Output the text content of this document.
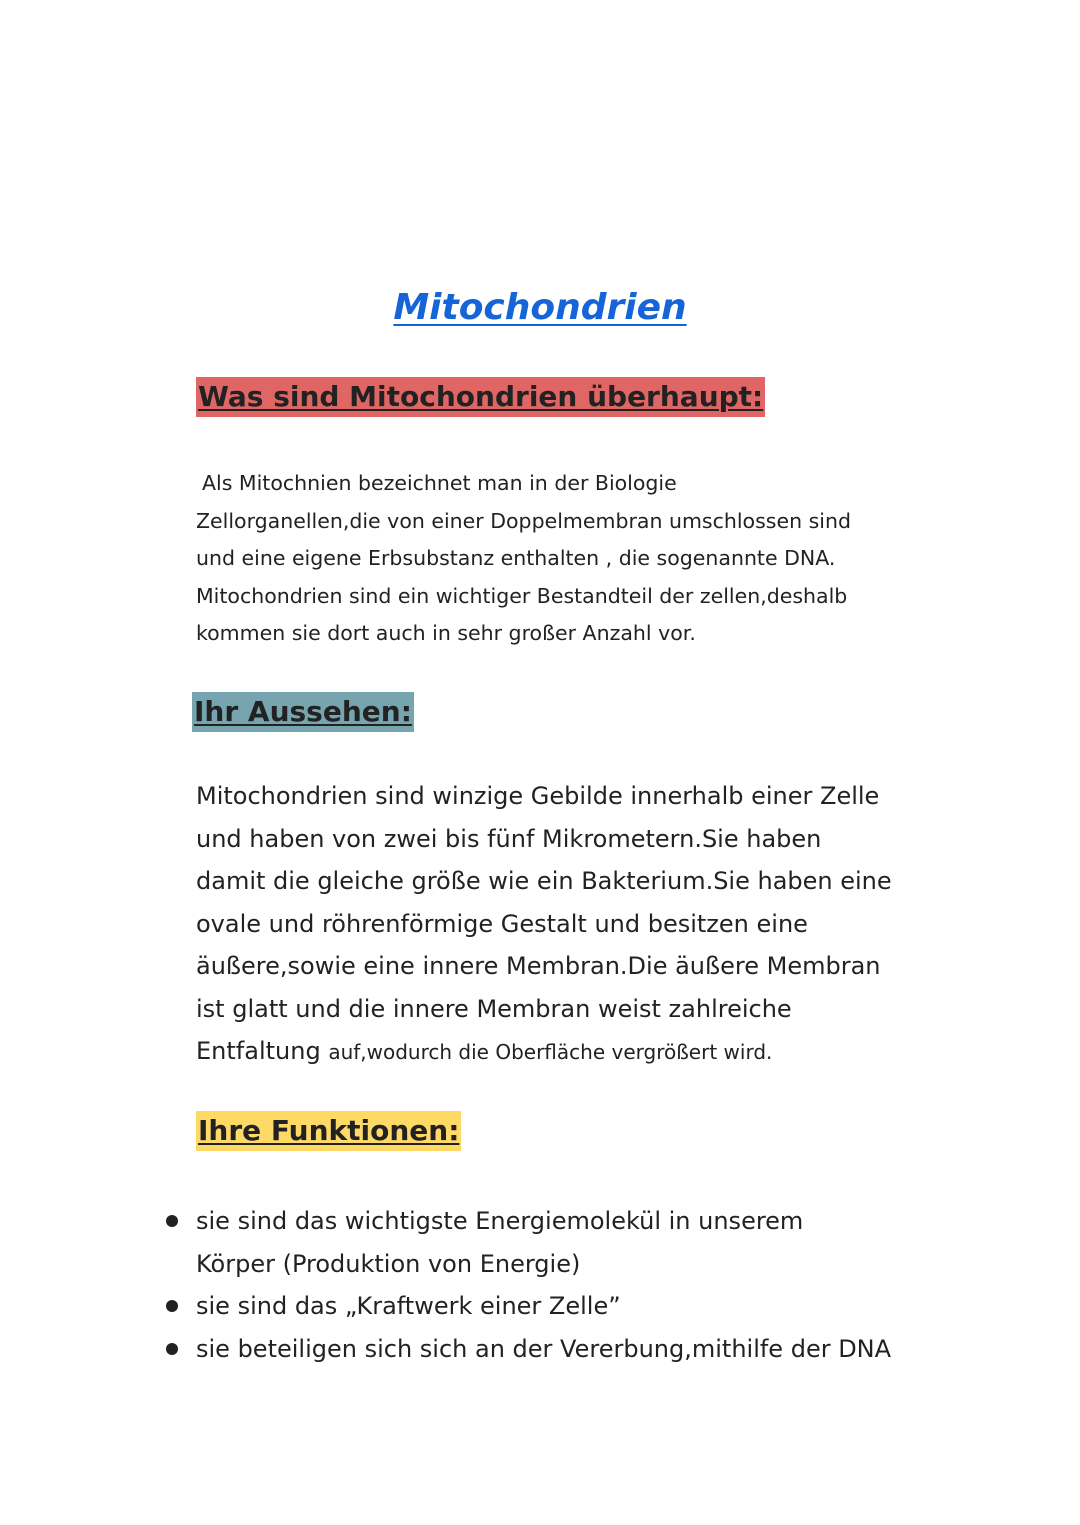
Mitochondrien
Was sind Mitochondrien überhaupt:

Als Mitochnien bezeichnet man in der Biologie
Zellorganellen,die von einer Doppelmembran umschlossen sind
und eine eigene Erbsubstanz enthalten , die sogenannte DNA.
Mitochondrien sind ein wichtiger Bestandteil der zellen,deshalb
kommen sie dort auch in sehr großer Anzahl vor.

Ihr Aussehen:

Mitochondrien sind winzige Gebilde innerhalb einer Zelle
und haben von zwei bis fünf Mikrometern.Sie haben
damit die gleiche größe wie ein Bakterium.Sie haben eine
ovale und röhrenförmige Gestalt und besitzen eine
äußere,sowie eine innere Membran.Die äußere Membran
ist glatt und die innere Membran weist zahlreiche
Entfaltung auf,wodurch die Oberfläche vergrößert wird.

Ihre Funktionen:
sie sind das wichtigste Energiemolekül in unserem
Körper (Produktion von Energie)
sie sind das „Kraftwerk einer Zelle”
sie beteiligen sich sich an der Vererbung,mithilfe der DNA
